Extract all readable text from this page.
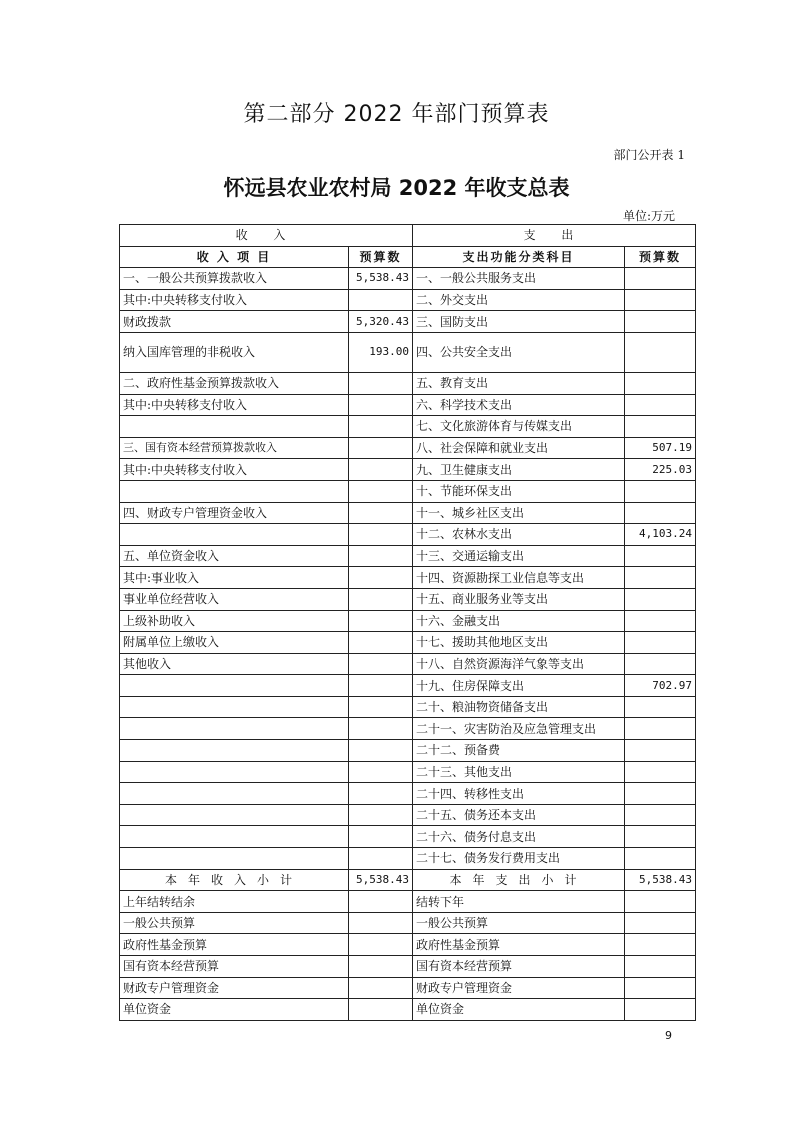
第二部分 2022 年部门预算表
部门公开表 1
怀远县农业农村局 2022 年收支总表
单位:万元
收 入		支 出	
收 入 项 目	预算数	支出功能分类科目	预算数
一、一般公共预算拨款收入	5,538.43	一、一般公共服务支出	
其中:中央转移支付收入		二、外交支出	
财政拨款	5,320.43	三、国防支出	
纳入国库管理的非税收入	193.00	四、公共安全支出	
二、政府性基金预算拨款收入		五、教育支出	
其中:中央转移支付收入		六、科学技术支出	
		七、文化旅游体育与传媒支出	
三、国有资本经营预算拨款收入		八、社会保障和就业支出	507.19
其中:中央转移支付收入		九、卫生健康支出	225.03
		十、节能环保支出	
四、财政专户管理资金收入		十一、城乡社区支出	
		十二、农林水支出	4,103.24
五、单位资金收入		十三、交通运输支出	
其中:事业收入		十四、资源勘探工业信息等支出	
事业单位经营收入		十五、商业服务业等支出	
上级补助收入		十六、金融支出	
附属单位上缴收入		十七、援助其他地区支出	
其他收入		十八、自然资源海洋气象等支出	
		十九、住房保障支出	702.97
		二十、粮油物资储备支出	
		二十一、灾害防治及应急管理支出	
		二十二、预备费	
		二十三、其他支出	
		二十四、转移性支出	
		二十五、债务还本支出	
		二十六、债务付息支出	
		二十七、债务发行费用支出	
本年收入小计	5,538.43	本年支出小计	5,538.43
上年结转结余		结转下年	
一般公共预算		一般公共预算	
政府性基金预算		政府性基金预算	
国有资本经营预算		国有资本经营预算	
财政专户管理资金		财政专户管理资金	
单位资金		单位资金	
9
